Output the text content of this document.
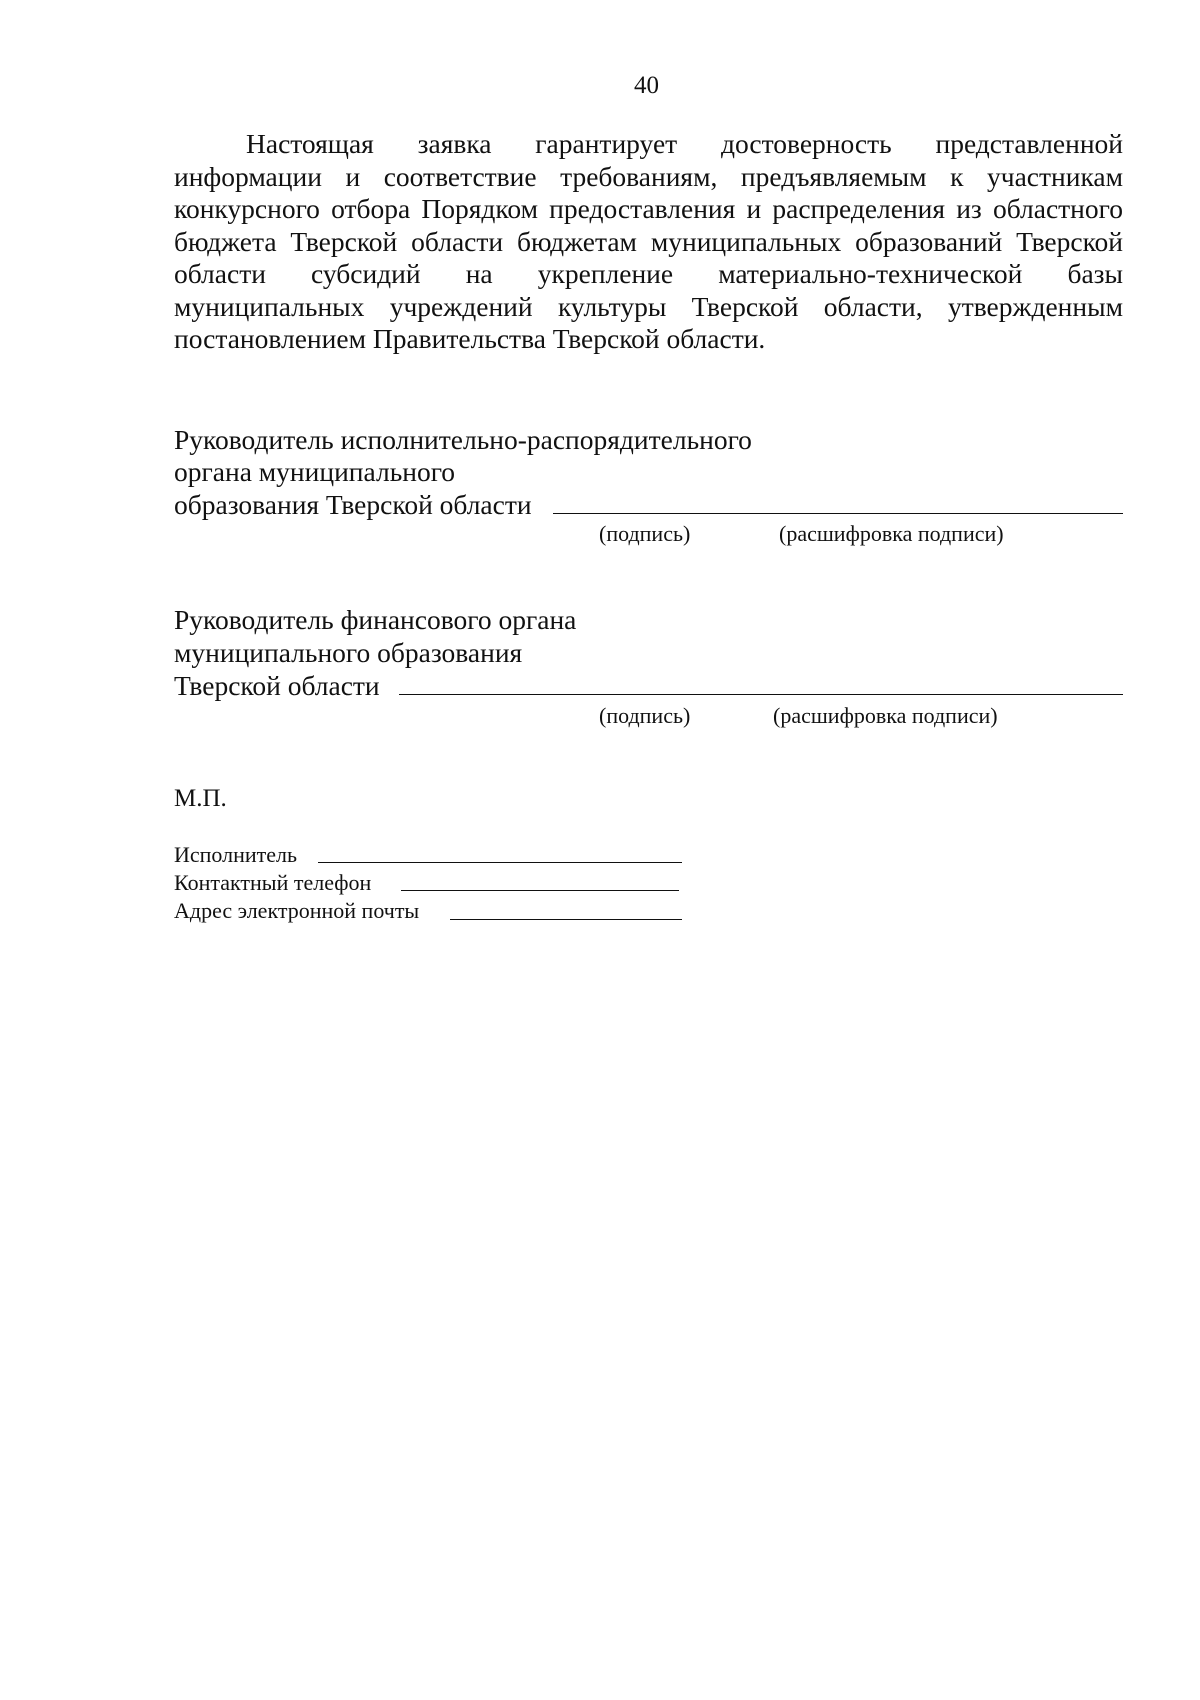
40

Настоящая заявка гарантирует достоверность представленной информации и соответствие требованиям, предъявляемым к участникам конкурсного отбора Порядком предоставления и распределения из областного бюджета Тверской области бюджетам муниципальных образований Тверской области субсидий на укрепление материально-технической базы муниципальных учреждений культуры Тверской области, утвержденным постановлением Правительства Тверской области.

Руководитель исполнительно-распорядительного
органа муниципального
образования Тверской области
(подпись)	(расшифровка подписи)
Руководитель финансового органа
муниципального образования
Тверской области
(подпись)	(расшифровка подписи)
М.П.
Исполнитель
Контактный телефон
Адрес электронной почты
